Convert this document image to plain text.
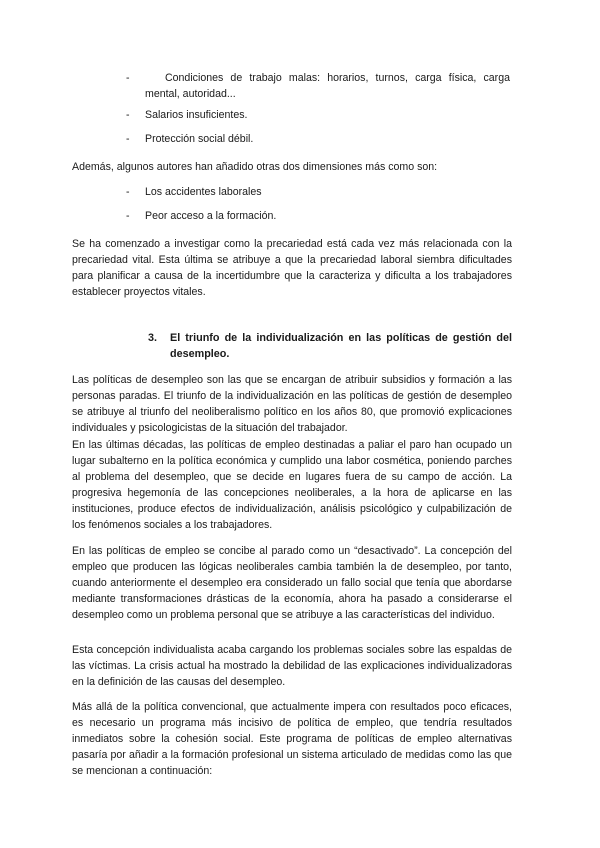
-	Condiciones de trabajo malas: horarios, turnos, carga física, carga mental, autoridad...
- Salarios insuficientes.
- Protección social débil.
Además, algunos autores han añadido otras dos dimensiones más como son:
- Los accidentes laborales
- Peor acceso a la formación.
Se ha comenzado a investigar como la precariedad está cada vez más relacionada con la precariedad vital. Esta última se atribuye a que la precariedad laboral siembra dificultades para planificar a causa de la incertidumbre que la caracteriza y dificulta a los trabajadores establecer proyectos vitales.
3. El triunfo de la individualización en las políticas de gestión del desempleo.
Las políticas de desempleo son las que se encargan de atribuir subsidios y formación a las personas paradas. El triunfo de la individualización en las políticas de gestión de desempleo se atribuye al triunfo del neoliberalismo político en los años 80, que promovió explicaciones individuales y psicologicistas de la situación del trabajador.
En las últimas décadas, las políticas de empleo destinadas a paliar el paro han ocupado un lugar subalterno en la política económica y cumplido una labor cosmética, poniendo parches al problema del desempleo, que se decide en lugares fuera de su campo de acción. La progresiva hegemonía de las concepciones neoliberales, a la hora de aplicarse en las instituciones, produce efectos de individualización, análisis psicológico y culpabilización de los fenómenos sociales a los trabajadores.
En las políticas de empleo se concibe al parado como un “desactivado”. La concepción del empleo que producen las lógicas neoliberales cambia también la de desempleo, por tanto, cuando anteriormente el desempleo era considerado un fallo social que tenía que abordarse mediante transformaciones drásticas de la economía, ahora ha pasado a considerarse el desempleo como un problema personal que se atribuye a las características del individuo.
Esta concepción individualista acaba cargando los problemas sociales sobre las espaldas de las víctimas. La crisis actual ha mostrado la debilidad de las explicaciones individualizadoras en la definición de las causas del desempleo.
Más allá de la política convencional, que actualmente impera con resultados poco eficaces, es necesario un programa más incisivo de política de empleo, que tendría resultados inmediatos sobre la cohesión social. Este programa de políticas de empleo alternativas pasaría por añadir a la formación profesional un sistema articulado de medidas como las que se mencionan a continuación:
